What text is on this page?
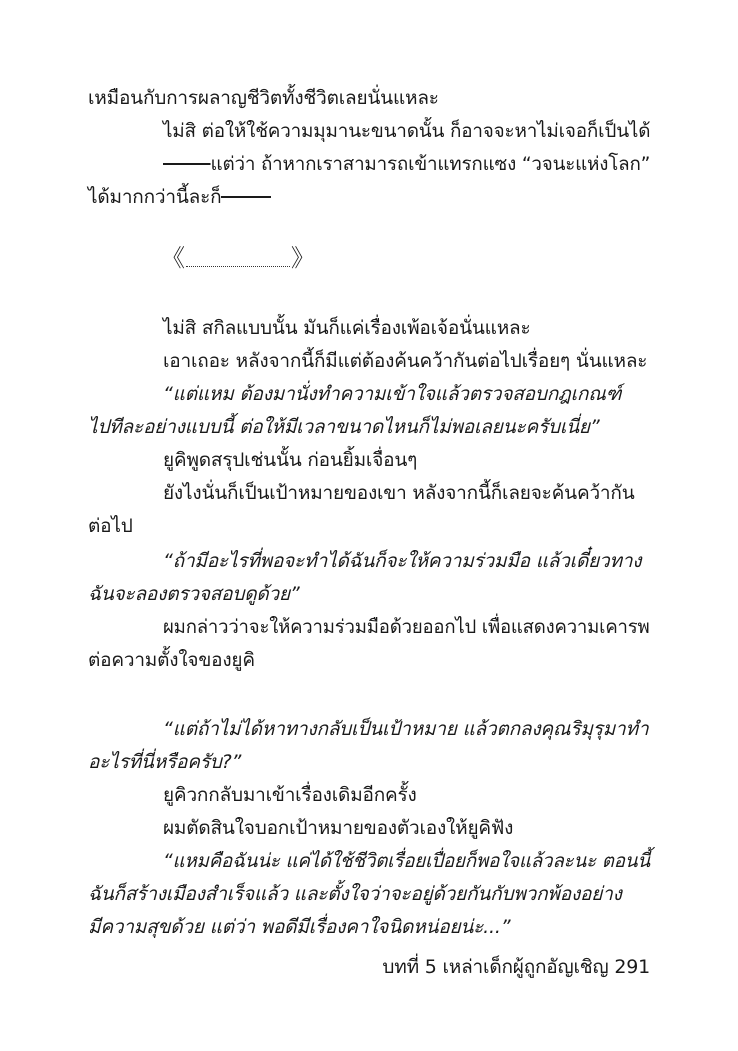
เหมือนกับการผลาญชีวิตทั้งชีวิตเลยนั่นแหละ
ไม่สิ ต่อให้ใช้ความมุมานะขนาดนั้น ก็อาจจะหาไม่เจอก็เป็นได้
แต่ว่า ถ้าหากเราสามารถเข้าแทรกแซง “วจนะแห่งโลก”
ได้มากกว่านี้ละก็
《	》
ไม่สิ สกิลแบบนั้น มันก็แค่เรื่องเพ้อเจ้อนั่นแหละ
เอาเถอะ หลังจากนี้ก็มีแต่ต้องค้นคว้ากันต่อไปเรื่อยๆ นั่นแหละ
“แต่แหม ต้องมานั่งทำความเข้าใจแล้วตรวจสอบกฎเกณฑ์
ไปทีละอย่างแบบนี้ ต่อให้มีเวลาขนาดไหนก็ไม่พอเลยนะครับเนี่ย”
ยูคิพูดสรุปเช่นนั้น ก่อนยิ้มเจื่อนๆ
ยังไงนั่นก็เป็นเป้าหมายของเขา หลังจากนี้ก็เลยจะค้นคว้ากัน
ต่อไป
“ถ้ามีอะไรที่พอจะทำได้ฉันก็จะให้ความร่วมมือ แล้วเดี๋ยวทาง
ฉันจะลองตรวจสอบดูด้วย”
ผมกล่าวว่าจะให้ความร่วมมือด้วยออกไป เพื่อแสดงความเคารพ
ต่อความตั้งใจของยูคิ
“แต่ถ้าไม่ได้หาทางกลับเป็นเป้าหมาย แล้วตกลงคุณริมุรุมาทำ
อะไรที่นี่หรือครับ?”
ยูคิวกกลับมาเข้าเรื่องเดิมอีกครั้ง
ผมตัดสินใจบอกเป้าหมายของตัวเองให้ยูคิฟัง
“แหมคือฉันน่ะ แค่ได้ใช้ชีวิตเรื่อยเปื่อยก็พอใจแล้วละนะ ตอนนี้
ฉันก็สร้างเมืองสำเร็จแล้ว และตั้งใจว่าจะอยู่ด้วยกันกับพวกพ้องอย่าง
มีความสุขด้วย แต่ว่า พอดีมีเรื่องคาใจนิดหน่อยน่ะ...”
บทที่ 5 เหล่าเด็กผู้ถูกอัญเชิญ 291
